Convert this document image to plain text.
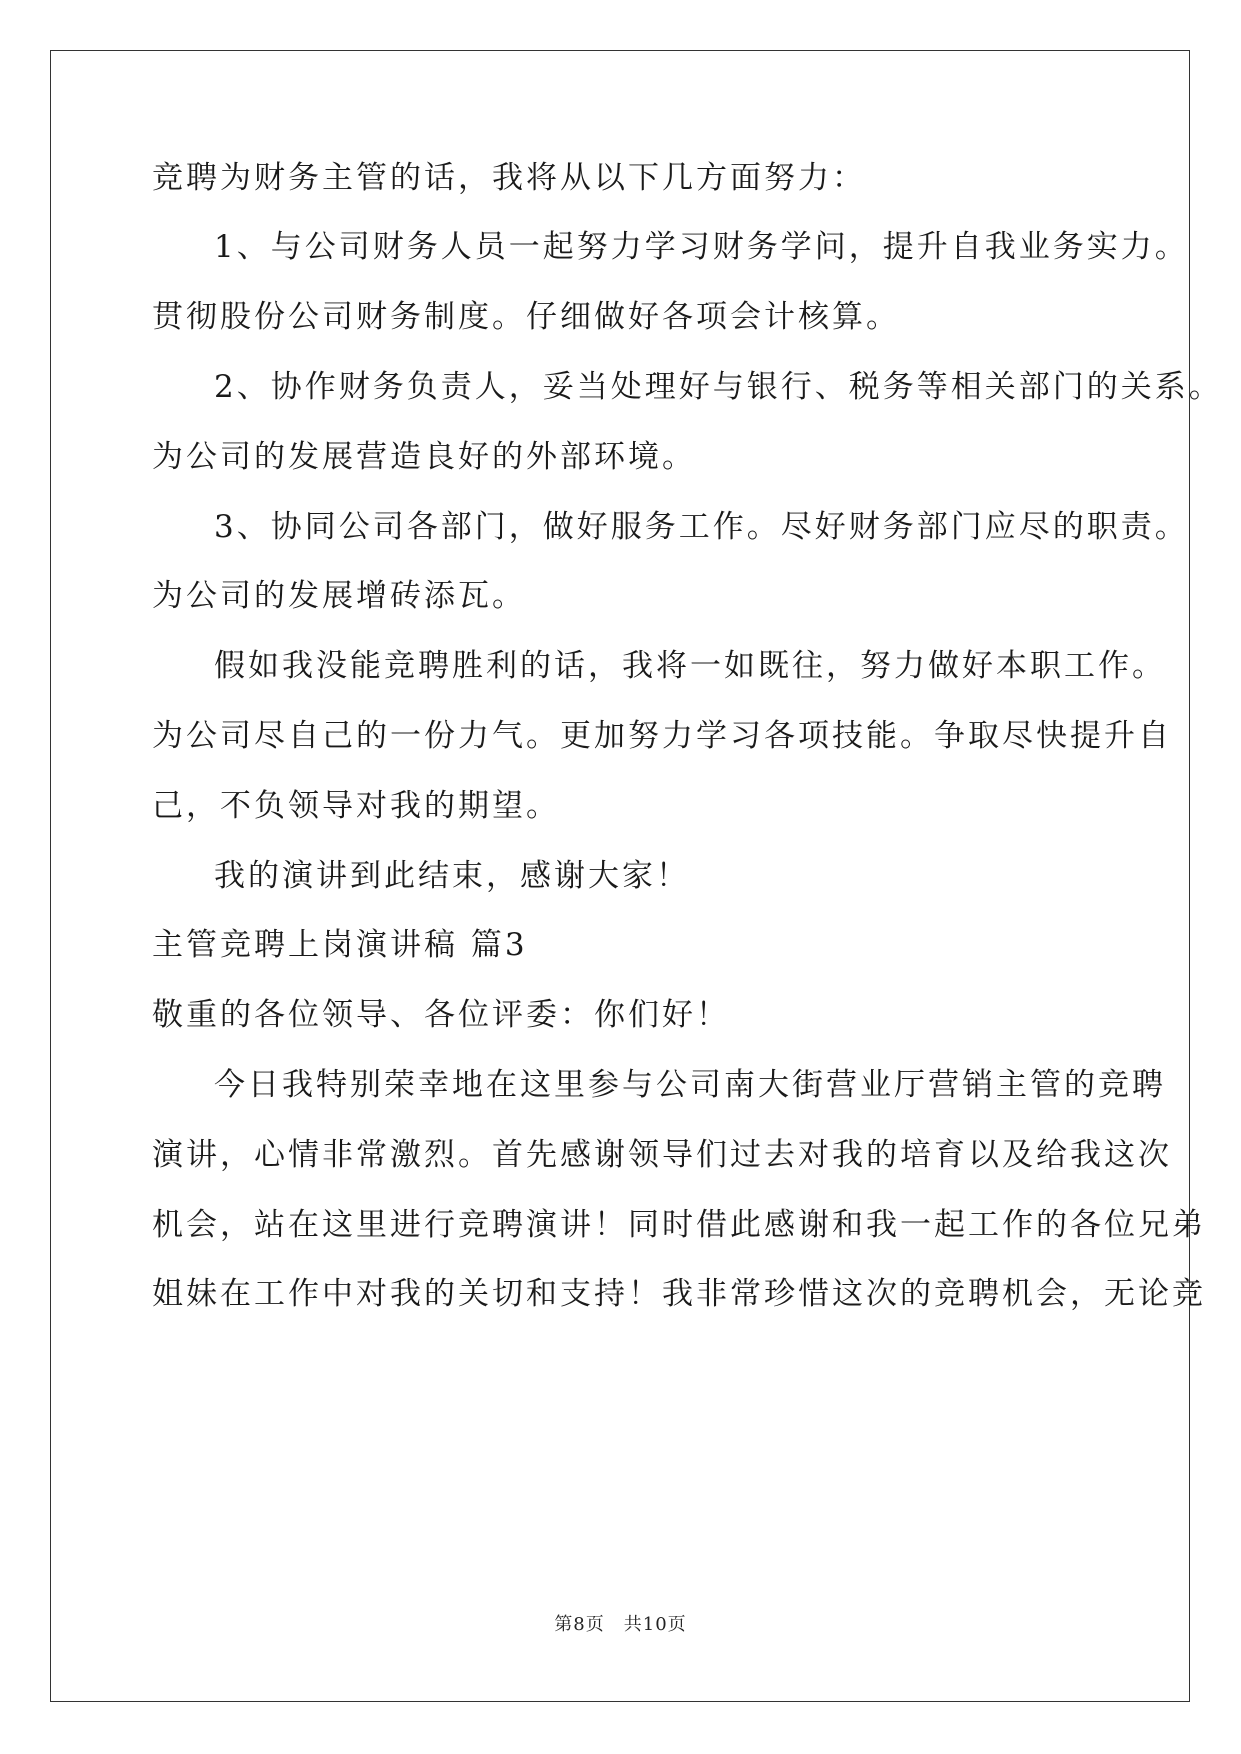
竞聘为财务主管的话，我将从以下几方面努力：
1、与公司财务人员一起努力学习财务学问，提升自我业务实力。
贯彻股份公司财务制度。仔细做好各项会计核算。
2、协作财务负责人，妥当处理好与银行、税务等相关部门的关系。
为公司的发展营造良好的外部环境。
3、协同公司各部门，做好服务工作。尽好财务部门应尽的职责。
为公司的发展增砖添瓦。
假如我没能竞聘胜利的话，我将一如既往，努力做好本职工作。
为公司尽自己的一份力气。更加努力学习各项技能。争取尽快提升自
己，不负领导对我的期望。
我的演讲到此结束，感谢大家！
主管竞聘上岗演讲稿 篇3
敬重的各位领导、各位评委：你们好！
今日我特别荣幸地在这里参与公司南大街营业厅营销主管的竞聘
演讲，心情非常激烈。首先感谢领导们过去对我的培育以及给我这次
机会，站在这里进行竞聘演讲！同时借此感谢和我一起工作的各位兄弟
姐妹在工作中对我的关切和支持！我非常珍惜这次的竞聘机会，无论竞
第8页　共10页
